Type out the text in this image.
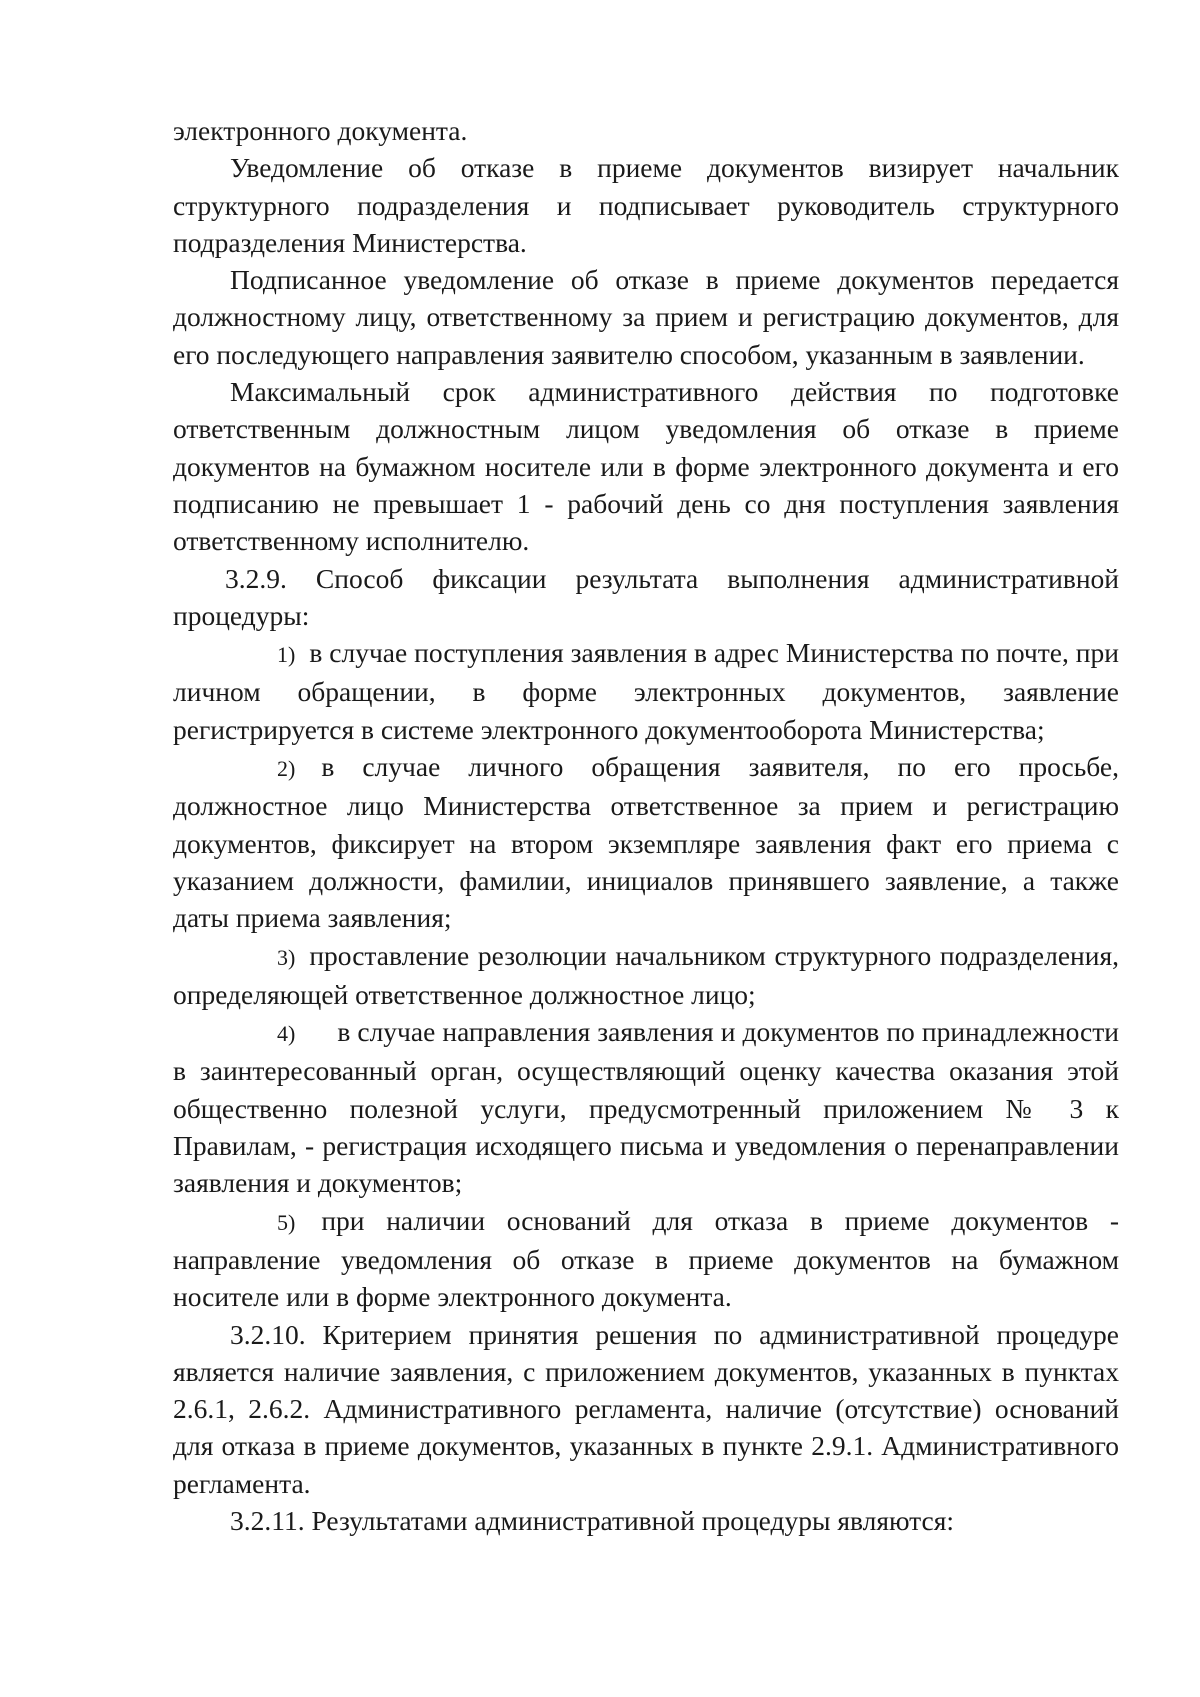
электронного документа.

Уведомление об отказе в приеме документов визирует начальник структурного подразделения и подписывает руководитель структурного подразделения Министерства.

Подписанное уведомление об отказе в приеме документов передается должностному лицу, ответственному за прием и регистрацию документов, для его последующего направления заявителю способом, указанным в заявлении.

Максимальный срок административного действия по подготовке ответственным должностным лицом уведомления об отказе в приеме документов на бумажном носителе или в форме электронного документа и его подписанию не превышает 1 - рабочий день со дня поступления заявления ответственному исполнителю.

3.2.9. Способ фиксации результата выполнения административной процедуры:

1) в случае поступления заявления в адрес Министерства по почте, при личном обращении, в форме электронных документов, заявление регистрируется в системе электронного документооборота Министерства;

2) в случае личного обращения заявителя, по его просьбе, должностное лицо Министерства ответственное за прием и регистрацию документов, фиксирует на втором экземпляре заявления факт его приема с указанием должности, фамилии, инициалов принявшего заявление, а также даты приема заявления;

3) проставление резолюции начальником структурного подразделения, определяющей ответственное должностное лицо;

4) в случае направления заявления и документов по принадлежности в заинтересованный орган, осуществляющий оценку качества оказания этой общественно полезной услуги, предусмотренный приложением № 3 к Правилам, - регистрация исходящего письма и уведомления о перенаправлении заявления и документов;

5) при наличии оснований для отказа в приеме документов - направление уведомления об отказе в приеме документов на бумажном носителе или в форме электронного документа.

3.2.10. Критерием принятия решения по административной процедуре является наличие заявления, с приложением документов, указанных в пунктах 2.6.1, 2.6.2. Административного регламента, наличие (отсутствие) оснований для отказа в приеме документов, указанных в пункте 2.9.1. Административного регламента.

3.2.11. Результатами административной процедуры являются:
